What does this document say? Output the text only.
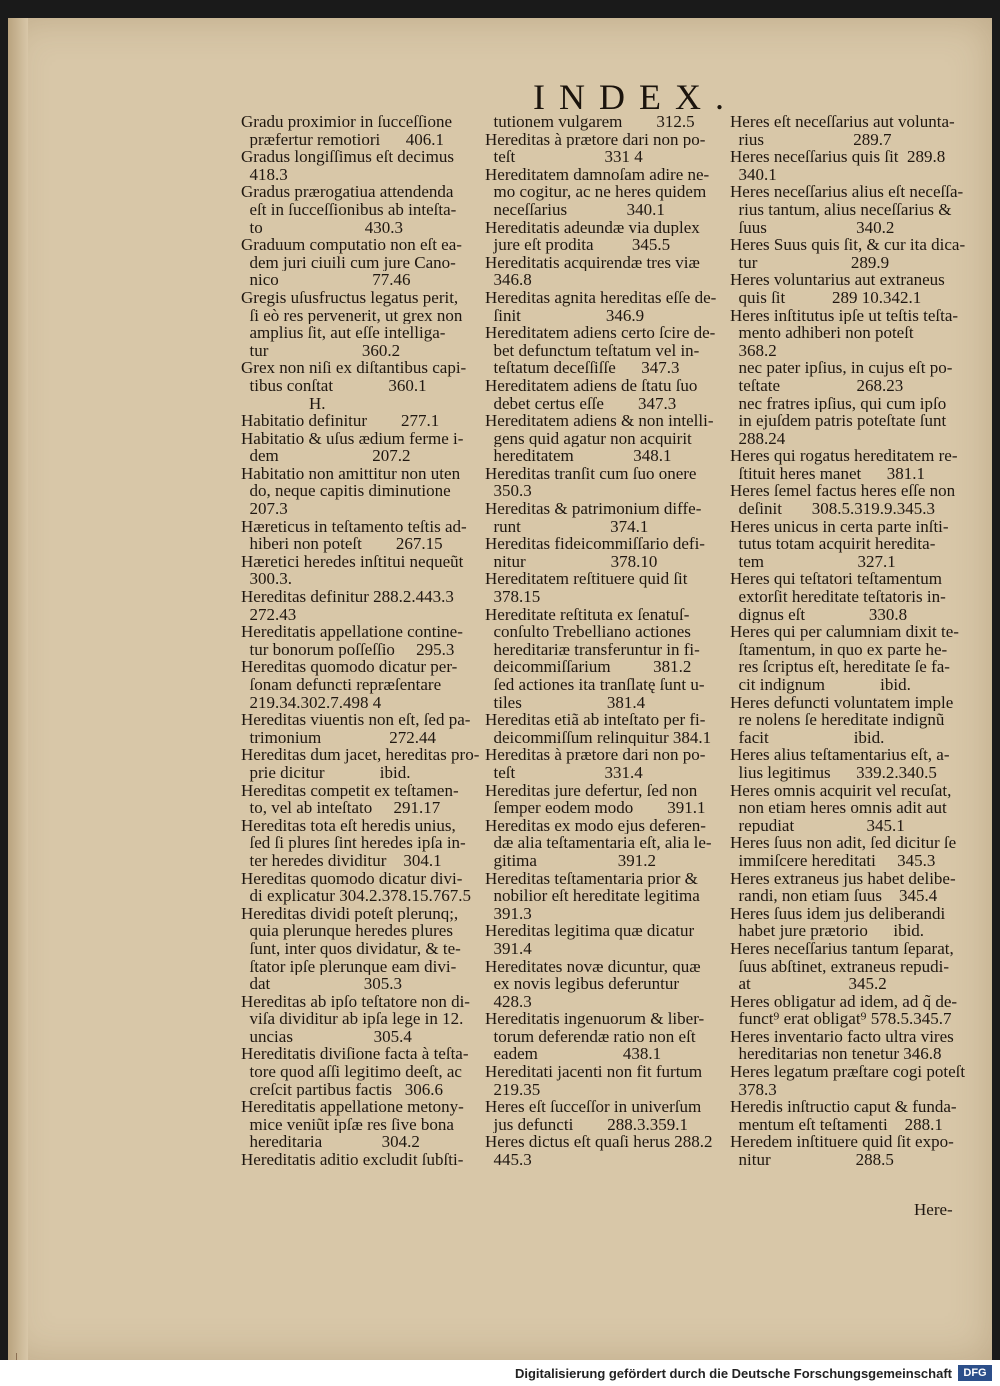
INDEX.
Gradu proximior in ſucceſſione
præfertur remotiori      406.1
Gradus longiſſimus eſt decimus
418.3
Gradus prærogatiua attendenda
eſt in ſucceſſionibus ab inteſta-
to                        430.3
Graduum computatio non eſt ea-
dem juri ciuili cum jure Cano-
nico                      77.46
Gregis uſusfructus legatus perit,
ſi eò res pervenerit, ut grex non
amplius ſit, aut eſſe intelliga-
tur                      360.2
Grex non niſi ex diſtantibus capi-
tibus conſtat             360.1
H.
Habitatio definitur        277.1
Habitatio & uſus ædium ferme i-
dem                      207.2
Habitatio non amittitur non uten
do, neque capitis diminutione
207.3
Hæreticus in teſtamento teſtis ad-
hiberi non poteſt        267.15
Hæretici heredes inſtitui nequeũt
300.3.
Hereditas definitur 288.2.443.3
272.43
Hereditatis appellatione contine-
tur bonorum poſſeſſio     295.3
Hereditas quomodo dicatur per-
ſonam defuncti repræſentare
219.34.302.7.498 4
Hereditas viuentis non eſt, ſed pa-
trimonium                272.44
Hereditas dum jacet, hereditas pro-
prie dicitur             ibid.
Hereditas competit ex teſtamen-
to, vel ab inteſtato     291.17
Hereditas tota eſt heredis unius,
ſed ſi plures ſint heredes ipſa in-
ter heredes dividitur    304.1
Hereditas quomodo dicatur divi-
di explicatur 304.2.378.15.767.5
Hereditas dividi poteſt plerunq;,
quia plerunque heredes plures
ſunt, inter quos dividatur, & te-
ſtator ipſe plerunque eam divi-
dat                      305.3
Hereditas ab ipſo teſtatore non di-
viſa dividitur ab ipſa lege in 12.
uncias                   305.4
Hereditatis diviſione facta à teſta-
tore quod aſſi legitimo deeſt, ac
creſcit partibus factis   306.6
Hereditatis appellatione metony-
mice veniũt ipſæ res ſive bona
hereditaria              304.2
Hereditatis aditio excludit ſubſti-
tutionem vulgarem        312.5
Hereditas à prætore dari non po-
teſt                     331 4
Hereditatem damnoſam adire ne-
mo cogitur, ac ne heres quidem
neceſſarius              340.1
Hereditatis adeundæ via duplex
jure eſt prodita         345.5
Hereditatis acquirendæ tres viæ
346.8
Hereditas agnita hereditas eſſe de-
ſinit                    346.9
Hereditatem adiens certo ſcire de-
bet defunctum teſtatum vel in-
teſtatum deceſſiſſe      347.3
Hereditatem adiens de ſtatu ſuo
debet certus eſſe        347.3
Hereditatem adiens & non intelli-
gens quid agatur non acquirit
hereditatem              348.1
Hereditas tranſit cum ſuo onere
350.3
Hereditas & patrimonium diffe-
runt                     374.1
Hereditas fideicommiſſario defi-
nitur                    378.10
Hereditatem reſtituere quid ſit
378.15
Hereditate reſtituta ex ſenatuſ-
conſulto Trebelliano actiones
hereditariæ transferuntur in fi-
deicommiſſarium          381.2
ſed actiones ita tranſlatę ſunt u-
tiles                    381.4
Hereditas etiã ab inteſtato per fi-
deicommiſſum relinquitur 384.1
Hereditas à prætore dari non po-
teſt                     331.4
Hereditas jure defertur, ſed non
ſemper eodem modo        391.1
Hereditas ex modo ejus deferen-
dæ alia teſtamentaria eſt, alia le-
gitima                   391.2
Hereditas teſtamentaria prior &
nobilior eſt hereditate legitima
391.3
Hereditas legitima quæ dicatur
391.4
Hereditates novæ dicuntur, quæ
ex novis legibus deferuntur
428.3
Hereditatis ingenuorum & liber-
torum deferendæ ratio non eſt
eadem                    438.1
Hereditati jacenti non fit furtum
219.35
Heres eſt ſucceſſor in univerſum
jus defuncti        288.3.359.1
Heres dictus eſt quaſi herus 288.2
445.3
Heres eſt neceſſarius aut volunta-
rius                     289.7
Heres neceſſarius quis ſit  289.8
340.1
Heres neceſſarius alius eſt neceſſa-
rius tantum, alius neceſſarius &
ſuus                     340.2
Heres Suus quis ſit, & cur ita dica-
tur                      289.9
Heres voluntarius aut extraneus
quis ſit           289 10.342.1
Heres inſtitutus ipſe ut teſtis teſta-
mento adhiberi non poteſt
368.2
nec pater ipſius, in cujus eſt po-
teſtate                  268.23
nec fratres ipſius, qui cum ipſo
in ejuſdem patris poteſtate ſunt
288.24
Heres qui rogatus hereditatem re-
ſtituit heres manet      381.1
Heres ſemel factus heres eſſe non
deſinit       308.5.319.9.345.3
Heres unicus in certa parte inſti-
tutus totam acquirit heredita-
tem                      327.1
Heres qui teſtatori teſtamentum
extorſit hereditate teſtatoris in-
dignus eſt               330.8
Heres qui per calumniam dixit te-
ſtamentum, in quo ex parte he-
res ſcriptus eſt, hereditate ſe fa-
cit indignum             ibid.
Heres defuncti voluntatem imple
re nolens ſe hereditate indignũ
facit                    ibid.
Heres alius teſtamentarius eſt, a-
lius legitimus      339.2.340.5
Heres omnis acquirit vel recuſat,
non etiam heres omnis adit aut
repudiat                 345.1
Heres ſuus non adit, ſed dicitur ſe
immiſcere hereditati     345.3
Heres extraneus jus habet delibe-
randi, non etiam ſuus    345.4
Heres ſuus idem jus deliberandi
habet jure prætorio      ibid.
Heres neceſſarius tantum ſeparat,
ſuus abſtinet, extraneus repudi-
at                       345.2
Heres obligatur ad idem, ad q̃ de-
funct⁹ erat obligat⁹ 578.5.345.7
Heres inventario facto ultra vires
hereditarias non tenetur 346.8
Heres legatum præſtare cogi poteſt
378.3
Heredis inſtructio caput & funda-
mentum eſt teſtamenti    288.1
Heredem inſtituere quid ſit expo-
nitur                    288.5
Here-
Digitalisierung gefördert durch die Deutsche Forschungsgemeinschaft	DFG
